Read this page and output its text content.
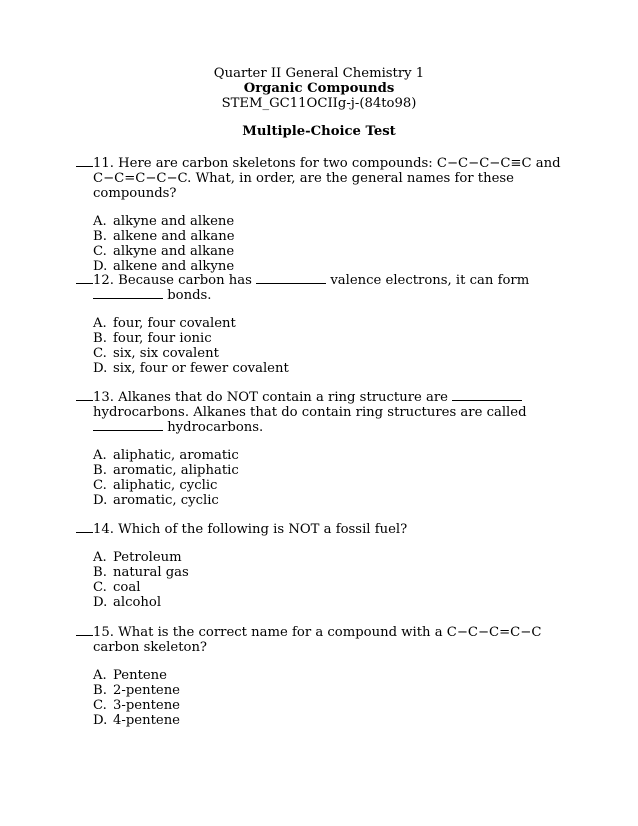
Quarter II General Chemistry 1
Organic Compounds
STEM_GC11OCIIg-j-(84to98)
Multiple-Choice Test

11. Here are carbon skeletons for two compounds: C−C−C−C≡C and C−C=C−C−C. What, in order, are the general names for these compounds?

A. alkyne and alkene
B. alkene and alkane
C. alkyne and alkane
D. alkene and alkyne

12. Because carbon has	valence electrons, it can form  bonds.

A. four, four covalent
B. four, four ionic
C. six, six covalent
D. six, four or fewer covalent

13. Alkanes that do NOT contain a ring structure are  hydrocarbons. Alkanes that do contain ring structures are called  hydrocarbons.

A. aliphatic, aromatic
B. aromatic, aliphatic
C. aliphatic, cyclic
D. aromatic, cyclic

14. Which of the following is NOT a fossil fuel?

A. Petroleum
B. natural gas
C. coal
D. alcohol

15. What is the correct name for a compound with a C−C−C=C−C carbon skeleton?

A. Pentene
B. 2-pentene
C. 3-pentene
D. 4-pentene
